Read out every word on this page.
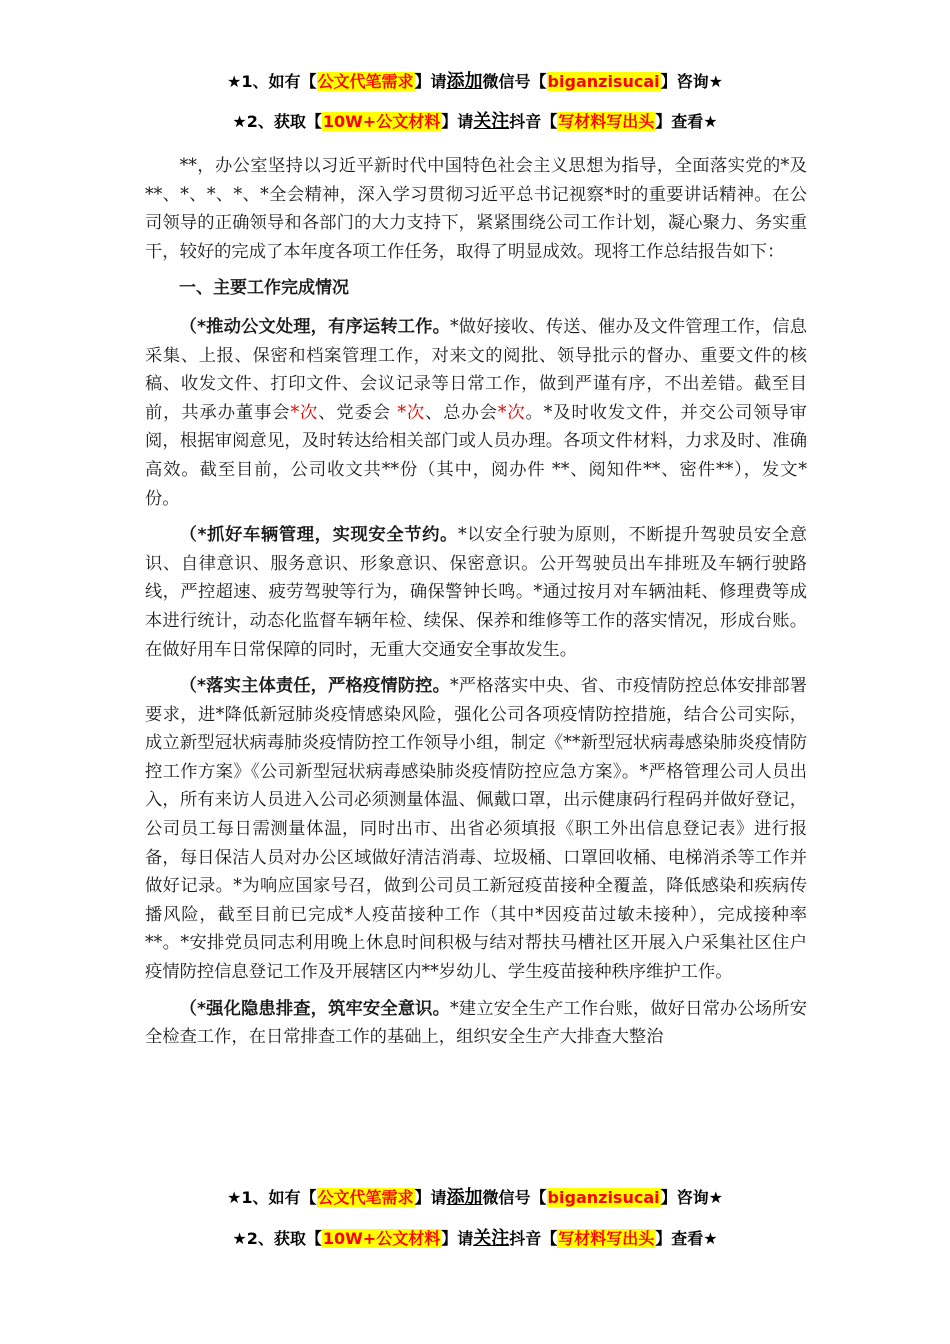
★1、如有【公文代笔需求】请添加微信号【biganzisucai】咨询★
★2、获取【10W+公文材料】请关注抖音【写材料写出头】查看★

**，办公室坚持以习近平新时代中国特色社会主义思想为指导，全面落实党的*及**、*、*、*、*全会精神，深入学习贯彻习近平总书记视察*时的重要讲话精神。在公司领导的正确领导和各部门的大力支持下，紧紧围绕公司工作计划，凝心聚力、务实重干，较好的完成了本年度各项工作任务，取得了明显成效。现将工作总结报告如下：

一、主要工作完成情况

（*推动公文处理，有序运转工作。*做好接收、传送、催办及文件管理工作，信息采集、上报、保密和档案管理工作，对来文的阅批、领导批示的督办、重要文件的核稿、收发文件、打印文件、会议记录等日常工作，做到严谨有序，不出差错。截至目前，共承办董事会*次、党委会 *次、总办会*次。*及时收发文件，并交公司领导审阅，根据审阅意见，及时转达给相关部门或人员办理。各项文件材料，力求及时、准确高效。截至目前，公司收文共**份（其中，阅办件 **、阅知件**、密件**），发文*份。

（*抓好车辆管理，实现安全节约。*以安全行驶为原则，不断提升驾驶员安全意识、自律意识、服务意识、形象意识、保密意识。公开驾驶员出车排班及车辆行驶路线，严控超速、疲劳驾驶等行为，确保警钟长鸣。*通过按月对车辆油耗、修理费等成本进行统计，动态化监督车辆年检、续保、保养和维修等工作的落实情况，形成台账。在做好用车日常保障的同时，无重大交通安全事故发生。

（*落实主体责任，严格疫情防控。*严格落实中央、省、市疫情防控总体安排部署要求，进*降低新冠肺炎疫情感染风险，强化公司各项疫情防控措施，结合公司实际，成立新型冠状病毒肺炎疫情防控工作领导小组，制定《**新型冠状病毒感染肺炎疫情防控工作方案》《公司新型冠状病毒感染肺炎疫情防控应急方案》。*严格管理公司人员出入，所有来访人员进入公司必须测量体温、佩戴口罩，出示健康码行程码并做好登记，公司员工每日需测量体温，同时出市、出省必须填报《职工外出信息登记表》进行报备，每日保洁人员对办公区域做好清洁消毒、垃圾桶、口罩回收桶、电梯消杀等工作并做好记录。*为响应国家号召，做到公司员工新冠疫苗接种全覆盖，降低感染和疾病传播风险，截至目前已完成*人疫苗接种工作（其中*因疫苗过敏未接种），完成接种率**。*安排党员同志利用晚上休息时间积极与结对帮扶马槽社区开展入户采集社区住户疫情防控信息登记工作及开展辖区内**岁幼儿、学生疫苗接种秩序维护工作。

（*强化隐患排查，筑牢安全意识。*建立安全生产工作台账，做好日常办公场所安全检查工作，在日常排查工作的基础上，组织安全生产大排查大整治

★1、如有【公文代笔需求】请添加微信号【biganzisucai】咨询★
★2、获取【10W+公文材料】请关注抖音【写材料写出头】查看★
